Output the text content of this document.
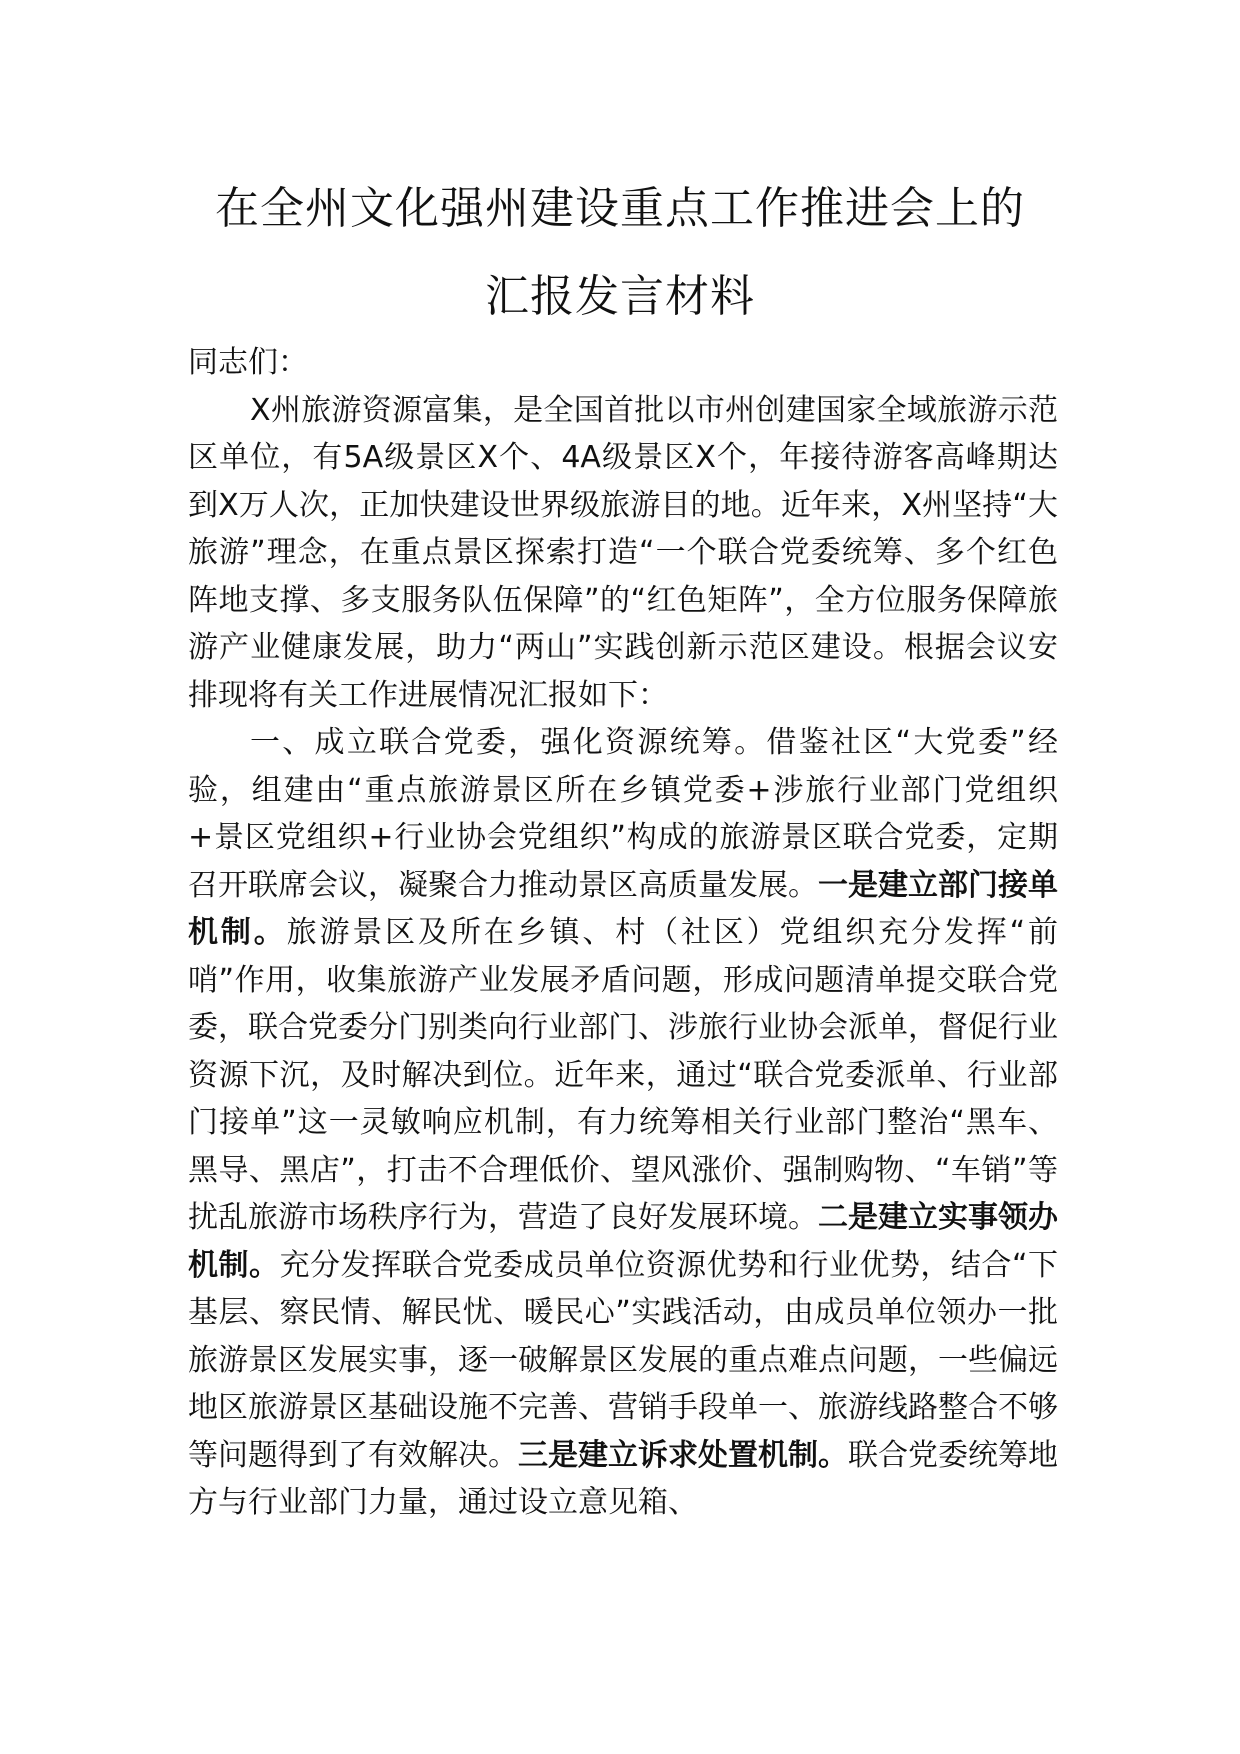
在全州文化强州建设重点工作推进会上的
汇报发言材料

同志们：

X州旅游资源富集，是全国首批以市州创建国家全域旅游示范区单位，有5A级景区X个、4A级景区X个，年接待游客高峰期达到X万人次，正加快建设世界级旅游目的地。近年来，X州坚持“大旅游”理念，在重点景区探索打造“一个联合党委统筹、多个红色阵地支撑、多支服务队伍保障”的“红色矩阵”，全方位服务保障旅游产业健康发展，助力“两山”实践创新示范区建设。根据会议安排现将有关工作进展情况汇报如下：

一、成立联合党委，强化资源统筹。借鉴社区“大党委”经验，组建由“重点旅游景区所在乡镇党委+涉旅行业部门党组织+景区党组织+行业协会党组织”构成的旅游景区联合党委，定期召开联席会议，凝聚合力推动景区高质量发展。一是建立部门接单机制。旅游景区及所在乡镇、村（社区）党组织充分发挥“前哨”作用，收集旅游产业发展矛盾问题，形成问题清单提交联合党委，联合党委分门别类向行业部门、涉旅行业协会派单，督促行业资源下沉，及时解决到位。近年来，通过“联合党委派单、行业部门接单”这一灵敏响应机制，有力统筹相关行业部门整治“黑车、黑导、黑店”，打击不合理低价、望风涨价、强制购物、“车销”等扰乱旅游市场秩序行为，营造了良好发展环境。二是建立实事领办机制。充分发挥联合党委成员单位资源优势和行业优势，结合“下基层、察民情、解民忧、暖民心”实践活动，由成员单位领办一批旅游景区发展实事，逐一破解景区发展的重点难点问题，一些偏远地区旅游景区基础设施不完善、营销手段单一、旅游线路整合不够等问题得到了有效解决。三是建立诉求处置机制。联合党委统筹地方与行业部门力量，通过设立意见箱、
